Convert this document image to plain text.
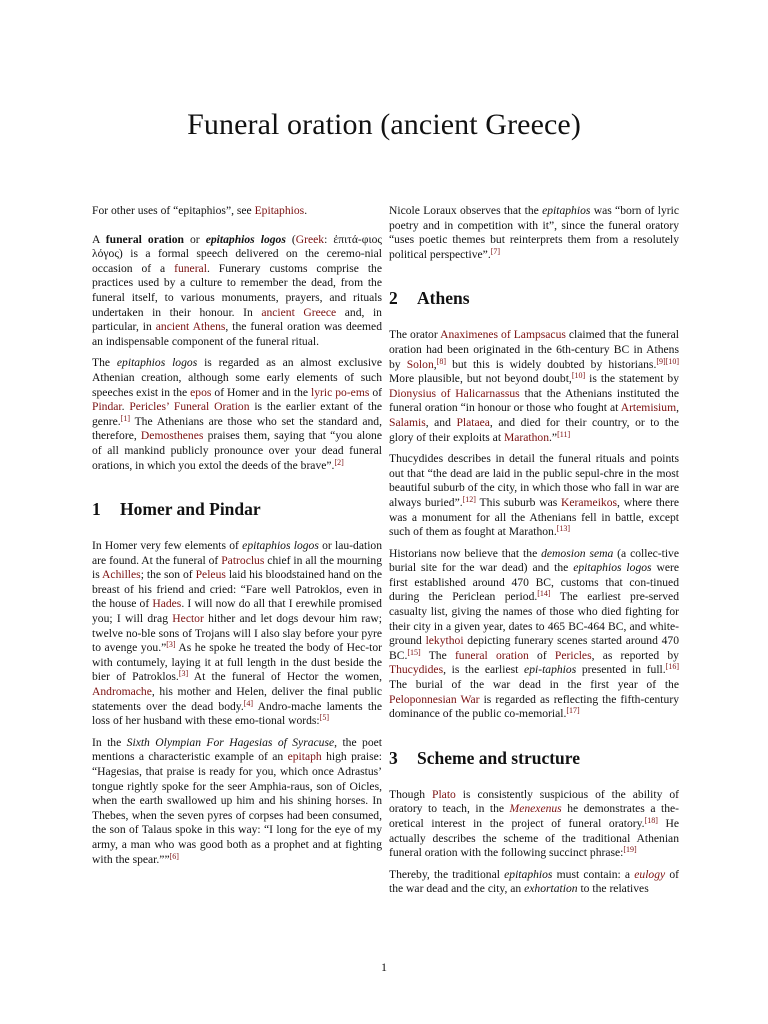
Funeral oration (ancient Greece)

For other uses of “epitaphios”, see Epitaphios.

A funeral oration or epitaphios logos (Greek: ἐπιτά-φιος λόγος) is a formal speech delivered on the ceremo-nial occasion of a funeral. Funerary customs comprise the practices used by a culture to remember the dead, from the funeral itself, to various monuments, prayers, and rituals undertaken in their honour. In ancient Greece and, in particular, in ancient Athens, the funeral oration was deemed an indispensable component of the funeral ritual.

The epitaphios logos is regarded as an almost exclusive Athenian creation, although some early elements of such speeches exist in the epos of Homer and in the lyric po-ems of Pindar. Pericles’ Funeral Oration is the earlier extant of the genre.[1] The Athenians are those who set the standard and, therefore, Demosthenes praises them, saying that “you alone of all mankind publicly pronounce over your dead funeral orations, in which you extol the deeds of the brave”.[2]

1 Homer and Pindar

In Homer very few elements of epitaphios logos or lau-dation are found. At the funeral of Patroclus chief in all the mourning is Achilles; the son of Peleus laid his bloodstained hand on the breast of his friend and cried: “Fare well Patroklos, even in the house of Hades. I will now do all that I erewhile promised you; I will drag Hector hither and let dogs devour him raw; twelve no-ble sons of Trojans will I also slay before your pyre to avenge you.”[3] As he spoke he treated the body of Hec-tor with contumely, laying it at full length in the dust beside the bier of Patroklos.[3] At the funeral of Hector the women, Andromache, his mother and Helen, deliver the final public statements over the dead body.[4] Andro-mache laments the loss of her husband with these emo-tional words:[5]

In the Sixth Olympian For Hagesias of Syracuse, the poet mentions a characteristic example of an epitaph high praise: “Hagesias, that praise is ready for you, which once Adrastus’ tongue rightly spoke for the seer Amphia-raus, son of Oicles, when the earth swallowed up him and his shining horses. In Thebes, when the seven pyres of corpses had been consumed, the son of Talaus spoke in this way: “I long for the eye of my army, a man who was good both as a prophet and at fighting with the spear.””[6]

Nicole Loraux observes that the epitaphios was “born of lyric poetry and in competition with it”, since the funeral oratory “uses poetic themes but reinterprets them from a resolutely political perspective”.[7]

2 Athens

The orator Anaximenes of Lampsacus claimed that the funeral oration had been originated in the 6th-century BC in Athens by Solon,[8] but this is widely doubted by historians.[9][10] More plausible, but not beyond doubt,[10] is the statement by Dionysius of Halicarnassus that the Athenians instituted the funeral oration “in honour or those who fought at Artemisium, Salamis, and Plataea, and died for their country, or to the glory of their exploits at Marathon.”[11]

Thucydides describes in detail the funeral rituals and points out that “the dead are laid in the public sepul-chre in the most beautiful suburb of the city, in which those who fall in war are always buried”.[12] This suburb was Kerameikos, where there was a monument for all the Athenians fell in battle, except such of them as fought at Marathon.[13]

Historians now believe that the demosion sema (a collec-tive burial site for the war dead) and the epitaphios logos were first established around 470 BC, customs that con-tinued during the Periclean period.[14] The earliest pre-served casualty list, giving the names of those who died fighting for their city in a given year, dates to 465 BC-464 BC, and white-ground lekythoi depicting funerary scenes started around 470 BC.[15] The funeral oration of Pericles, as reported by Thucydides, is the earliest epi-taphios presented in full.[16] The burial of the war dead in the first year of the Peloponnesian War is regarded as reflecting the fifth-century dominance of the public co-memorial.[17]

3 Scheme and structure

Though Plato is consistently suspicious of the ability of oratory to teach, in the Menexenus he demonstrates a the-oretical interest in the project of funeral oratory.[18] He actually describes the scheme of the traditional Athenian funeral oration with the following succinct phrase:[19]

Thereby, the traditional epitaphios must contain: a eulogy of the war dead and the city, an exhortation to the relatives

1
